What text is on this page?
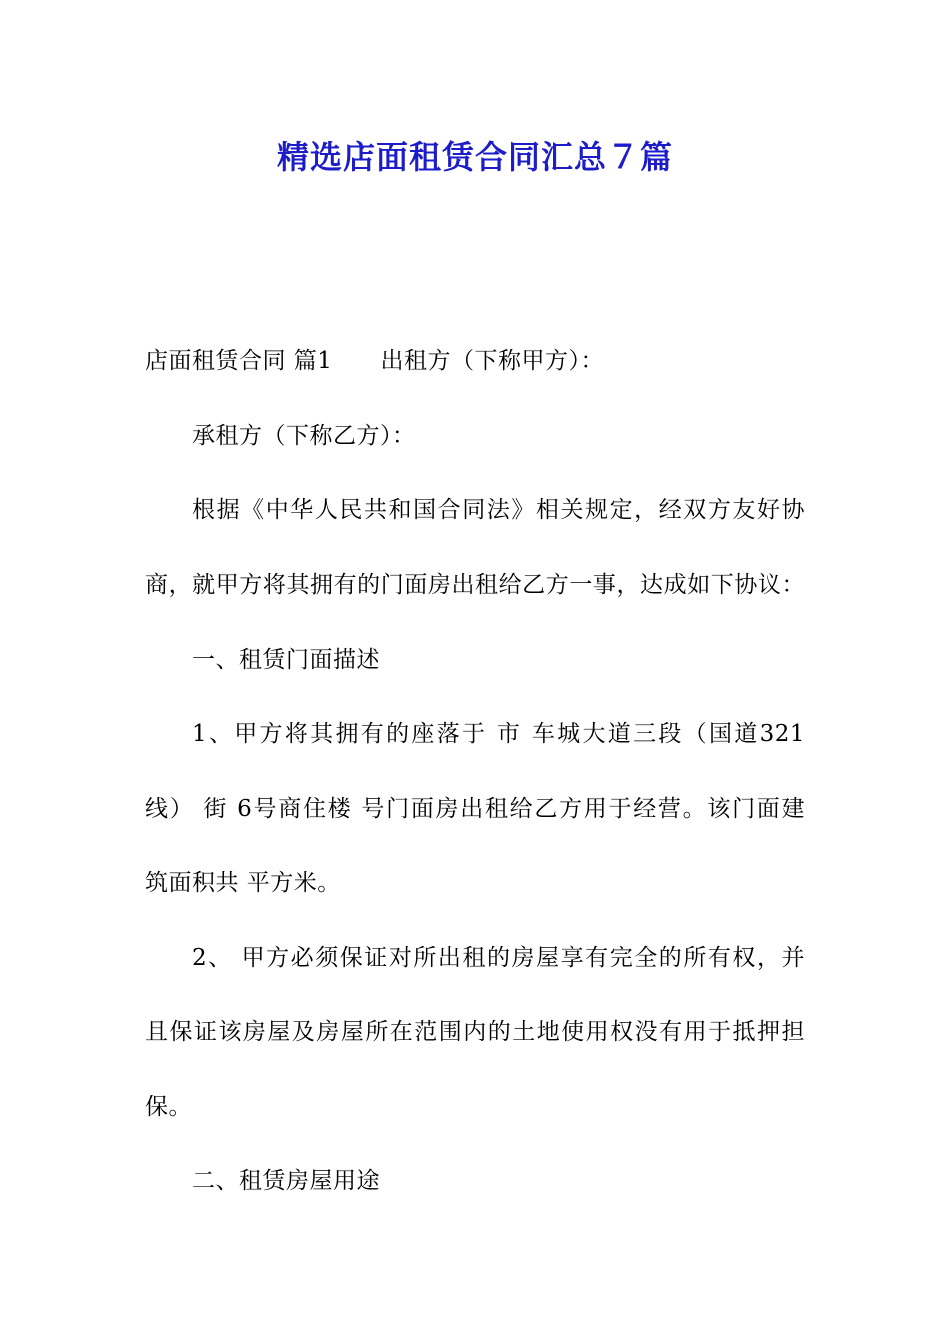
精选店面租赁合同汇总７篇
店面租赁合同 篇1 出租方（下称甲方）：
承租方（下称乙方）：
根据《中华人民共和国合同法》相关规定，经双方友好协
商，就甲方将其拥有的门面房出租给乙方一事，达成如下协议：
一、租赁门面描述
1、甲方将其拥有的座落于 市 车城大道三段（国道321
线） 街 6号商住楼 号门面房出租给乙方用于经营。该门面建
筑面积共 平方米。
2、 甲方必须保证对所出租的房屋享有完全的所有权，并
且保证该房屋及房屋所在范围内的土地使用权没有用于抵押担
保。
二、租赁房屋用途
